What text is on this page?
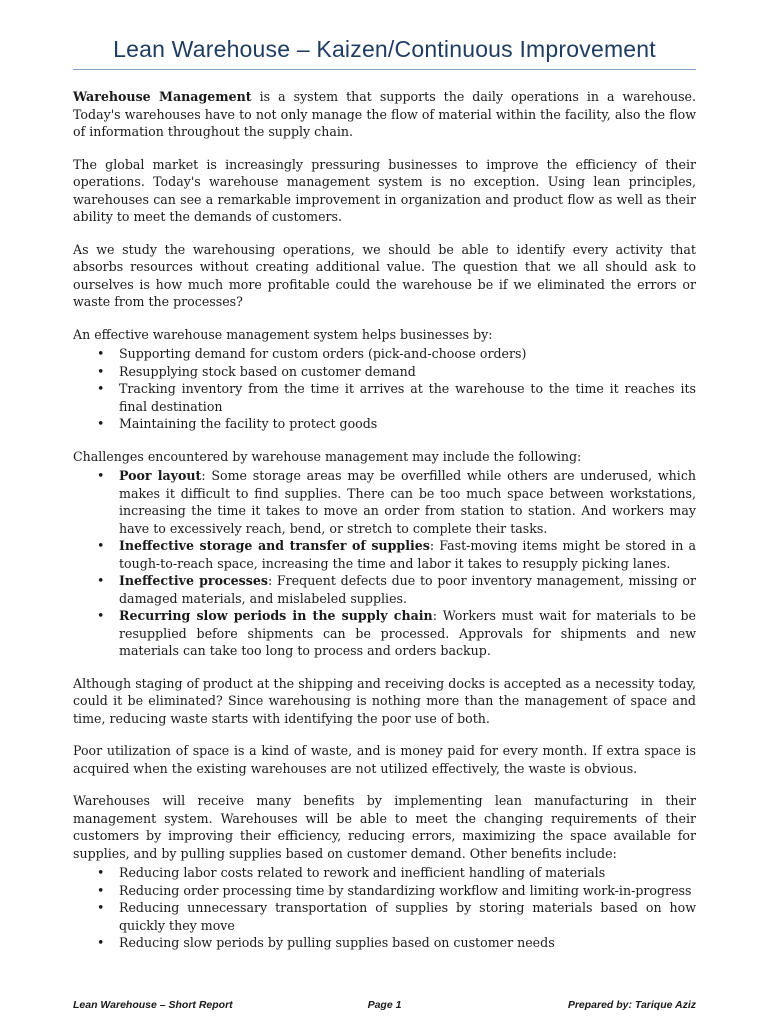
Lean Warehouse – Kaizen/Continuous Improvement

Warehouse Management is a system that supports the daily operations in a warehouse. Today's warehouses have to not only manage the flow of material within the facility, also the flow of information throughout the supply chain.

The global market is increasingly pressuring businesses to improve the efficiency of their operations. Today's warehouse management system is no exception. Using lean principles, warehouses can see a remarkable improvement in organization and product flow as well as their ability to meet the demands of customers.

As we study the warehousing operations, we should be able to identify every activity that absorbs resources without creating additional value. The question that we all should ask to ourselves is how much more profitable could the warehouse be if we eliminated the errors or waste from the processes?

An effective warehouse management system helps businesses by:

• Supporting demand for custom orders (pick-and-choose orders)
• Resupplying stock based on customer demand
• Tracking inventory from the time it arrives at the warehouse to the time it reaches its final destination
• Maintaining the facility to protect goods

Challenges encountered by warehouse management may include the following:

• Poor layout: Some storage areas may be overfilled while others are underused, which makes it difficult to find supplies. There can be too much space between workstations, increasing the time it takes to move an order from station to station. And workers may have to excessively reach, bend, or stretch to complete their tasks.
• Ineffective storage and transfer of supplies: Fast-moving items might be stored in a tough-to-reach space, increasing the time and labor it takes to resupply picking lanes.
• Ineffective processes: Frequent defects due to poor inventory management, missing or damaged materials, and mislabeled supplies.
• Recurring slow periods in the supply chain: Workers must wait for materials to be resupplied before shipments can be processed. Approvals for shipments and new materials can take too long to process and orders backup.

Although staging of product at the shipping and receiving docks is accepted as a necessity today, could it be eliminated? Since warehousing is nothing more than the management of space and time, reducing waste starts with identifying the poor use of both.

Poor utilization of space is a kind of waste, and is money paid for every month. If extra space is acquired when the existing warehouses are not utilized effectively, the waste is obvious.

Warehouses will receive many benefits by implementing lean manufacturing in their management system. Warehouses will be able to meet the changing requirements of their customers by improving their efficiency, reducing errors, maximizing the space available for supplies, and by pulling supplies based on customer demand. Other benefits include:

• Reducing labor costs related to rework and inefficient handling of materials
• Reducing order processing time by standardizing workflow and limiting work-in-progress
• Reducing unnecessary transportation of supplies by storing materials based on how quickly they move
• Reducing slow periods by pulling supplies based on customer needs
Page 1
Lean Warehouse – Short Report	Prepared by: Tarique Aziz
